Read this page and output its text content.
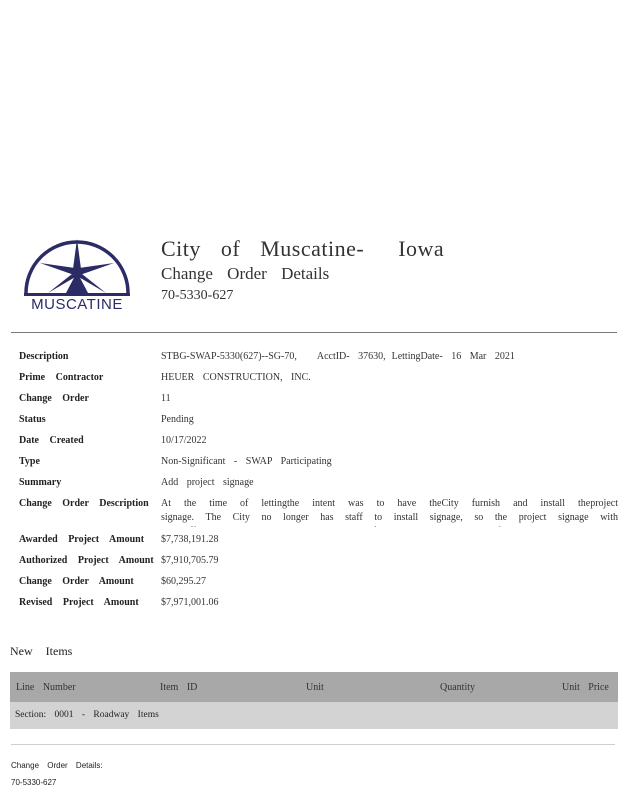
MUSCATINE
City of Muscatine- Iowa
Change Order Details
70-5330-627
Description	STBG-SWAP-5330(627)--SG-70, AcctID- 37630, LettingDate- 16 Mar 2021
Prime Contractor	HEUER CONSTRUCTION, INC.
Change Order	11
Status	Pending
Date Created	10/17/2022
Type	Non-Significant - SWAP Participating
Summary	Add project signage
Change Order Description	At the time of lettingthe intent was to have theCity furnish and install theproject signage. The City no longer has staff to install signage, so the project signage with
Awarded Project Amount	$7,738,191.28
Authorized Project Amount $7,910,705.79
Change Order Amount	$60,295.27
Revised Project Amount	$7,971,001.06
New Items
Line Number	Item ID	Unit	Quantity	Unit Price
Section: 0001 - Roadway Items
Change Order Details:
70-5330-627
